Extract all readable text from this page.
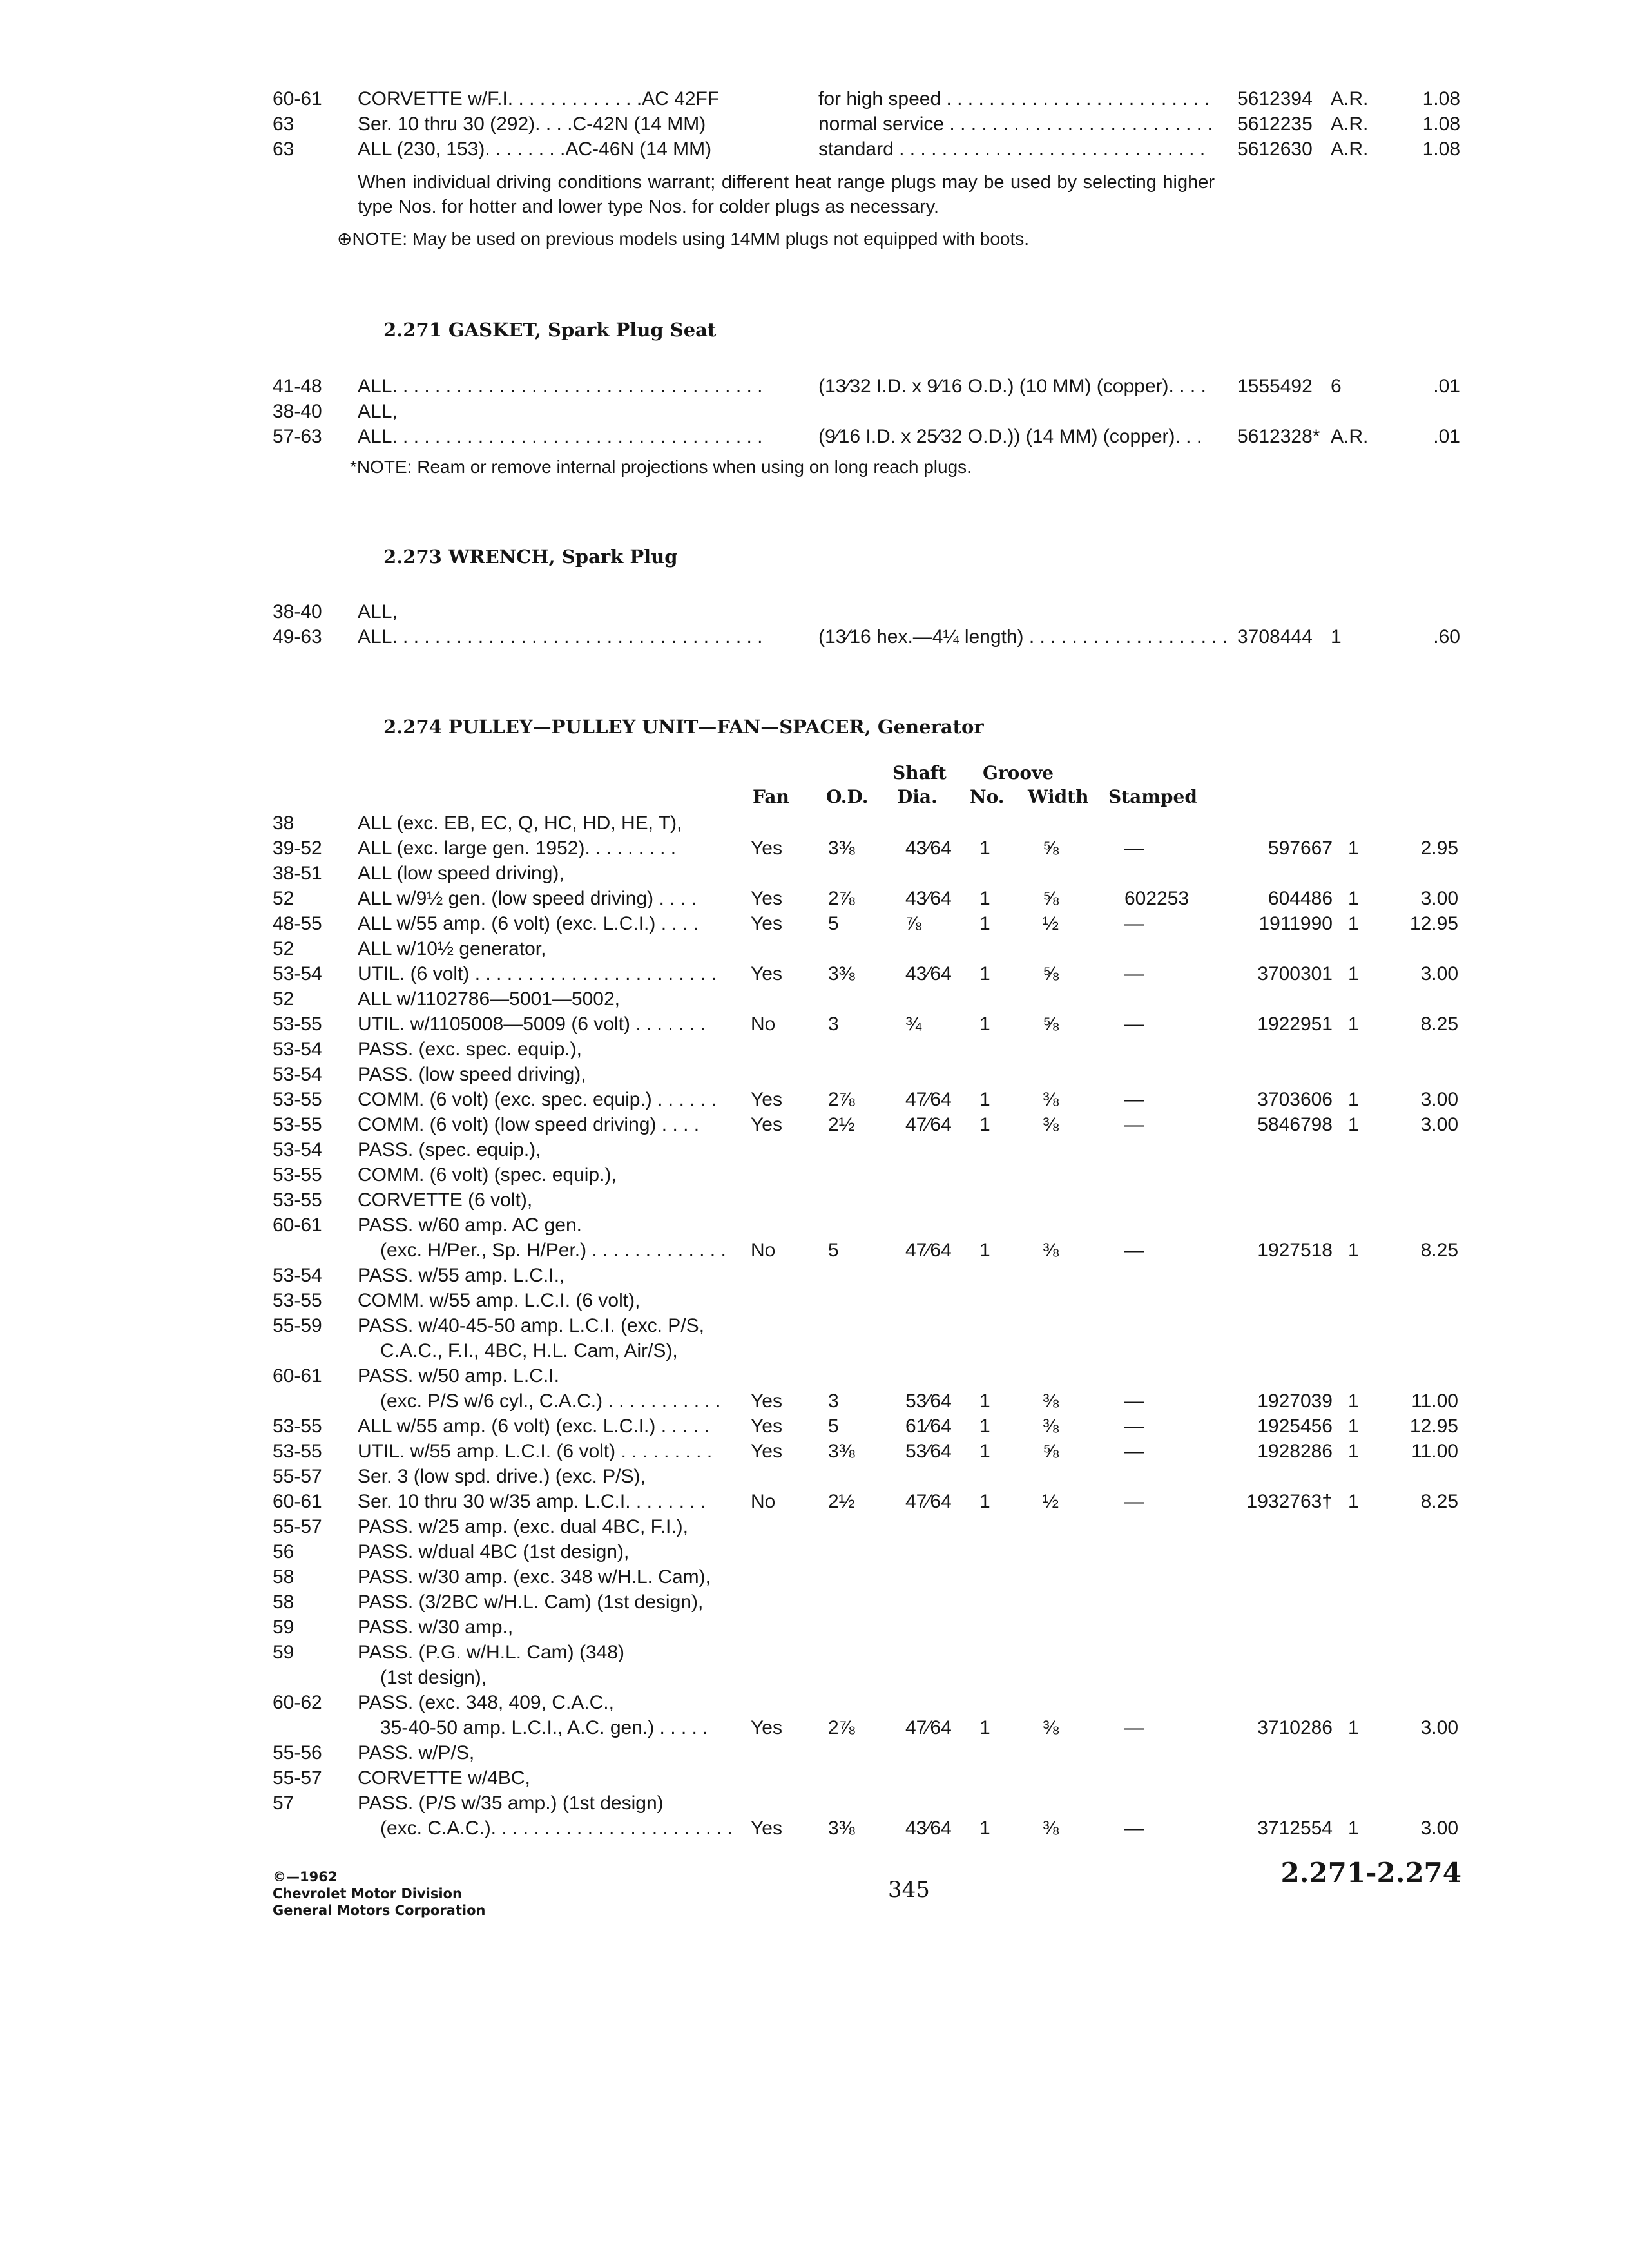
60-61 CORVETTE w/F.I. . . . . . . . . . . . .AC 42FF	for high speed . . . . . . . . . . . . . . . . . . . . . . . . . 5612394 A.R.	1.08
63	Ser. 10 thru 30 (292). . . .C-42N (14 MM)	normal service . . . . . . . . . . . . . . . . . . . . . . . . . 5612235 A.R.	1.08
63	ALL (230, 153). . . . . . . .AC-46N (14 MM)	standard . . . . . . . . . . . . . . . . . . . . . . . . . . . . . 5612630 A.R.	1.08
When individual driving conditions warrant; different heat range plugs may be used by selecting higher type Nos. for hotter and lower type Nos. for colder plugs as necessary.
⊕NOTE: May be used on previous models using 14MM plugs not equipped with boots.
2.271 GASKET, Spark Plug Seat
41-48 ALL. . . . . . . . . . . . . . . . . . . . . . . . . . . . . . . . . . .	(13⁄32 I.D. x 9⁄16 O.D.) (10 MM) (copper). . . . 1555492 6	.01
38-40 ALL,
57-63 ALL. . . . . . . . . . . . . . . . . . . . . . . . . . . . . . . . . . .	(9⁄16 I.D. x 25⁄32 O.D.)) (14 MM) (copper). . . 5612328* A.R.	.01
*NOTE: Ream or remove internal projections when using on long reach plugs.
2.273 WRENCH, Spark Plug
38-40 ALL,
49-63 ALL. . . . . . . . . . . . . . . . . . . . . . . . . . . . . . . . . . .	(13⁄16 hex.—4¼ length) . . . . . . . . . . . . . . . . . . . 3708444 1	.60
2.274 PULLEY—PULLEY UNIT—FAN—SPACER, Generator
Shaft Groove
Fan O.D. Dia. No. Width Stamped
38	ALL (exc. EB, EC, Q, HC, HD, HE, T),
39-52 ALL (exc. large gen. 1952). . . . . . . . .	Yes 3⅜	43⁄64 1	⅝	—	597667 1	2.95
38-51 ALL (low speed driving),
52	ALL w/9½ gen. (low speed driving) . . . .	Yes 2⅞	43⁄64 1	⅝	602253	604486 1	3.00
48-55 ALL w/55 amp. (6 volt) (exc. L.C.I.) . . . .	Yes 5	⅞	1	½	—	1911990 1	12.95
52	ALL w/10½ generator,
53-54 UTIL. (6 volt) . . . . . . . . . . . . . . . . . . . . . . . Yes 3⅜	43⁄64 1	⅝	—	3700301 1	3.00
52	ALL w/1102786—5001—5002,
53-55 UTIL. w/1105008—5009 (6 volt) . . . . . . . No	3	¾	1	⅝	—	1922951 1	8.25
53-54 PASS. (exc. spec. equip.),
53-54 PASS. (low speed driving),
53-55 COMM. (6 volt) (exc. spec. equip.) . . . . . . Yes 2⅞	47⁄64 1	⅜	—	3703606 1	3.00
53-55 COMM. (6 volt) (low speed driving) . . . .	Yes 2½	47⁄64 1	⅜	—	5846798 1	3.00
53-54 PASS. (spec. equip.),
53-55 COMM. (6 volt) (spec. equip.),
53-55 CORVETTE (6 volt),
60-61 PASS. w/60 amp. AC gen.
(exc. H/Per., Sp. H/Per.) . . . . . . . . . . . . . No	5	47⁄64 1	⅜	—	1927518 1	8.25
53-54 PASS. w/55 amp. L.C.I.,
53-55 COMM. w/55 amp. L.C.I. (6 volt),
55-59 PASS. w/40-45-50 amp. L.C.I. (exc. P/S,
C.A.C., F.I., 4BC, H.L. Cam, Air/S),
60-61 PASS. w/50 amp. L.C.I.
(exc. P/S w/6 cyl., C.A.C.) . . . . . . . . . . . Yes 3	53⁄64 1	⅜	—	1927039 1	11.00
53-55 ALL w/55 amp. (6 volt) (exc. L.C.I.) . . . . . Yes 5	61⁄64 1	⅜	—	1925456 1	12.95
53-55 UTIL. w/55 amp. L.C.I. (6 volt) . . . . . . . . . Yes 3⅜	53⁄64 1	⅝	—	1928286 1	11.00
55-57 Ser. 3 (low spd. drive.) (exc. P/S),
60-61 Ser. 10 thru 30 w/35 amp. L.C.I. . . . . . . . No	2½	47⁄64 1	½	—	1932763† 1	8.25
55-57 PASS. w/25 amp. (exc. dual 4BC, F.I.),
56	PASS. w/dual 4BC (1st design),
58	PASS. w/30 amp. (exc. 348 w/H.L. Cam),
58	PASS. (3/2BC w/H.L. Cam) (1st design),
59	PASS. w/30 amp.,
59	PASS. (P.G. w/H.L. Cam) (348)
(1st design),
60-62 PASS. (exc. 348, 409, C.A.C.,
35-40-50 amp. L.C.I., A.C. gen.) . . . . . Yes 2⅞	47⁄64 1	⅜	—	3710286 1	3.00
55-56 PASS. w/P/S,
55-57 CORVETTE w/4BC,
57	PASS. (P/S w/35 amp.) (1st design)
(exc. C.A.C.). . . . . . . . . . . . . . . . . . . . . . . Yes 3⅜	43⁄64 1	⅜	—	3712554 1	3.00
©—1962
Chevrolet Motor Division
General Motors Corporation
345
2.271-2.274
